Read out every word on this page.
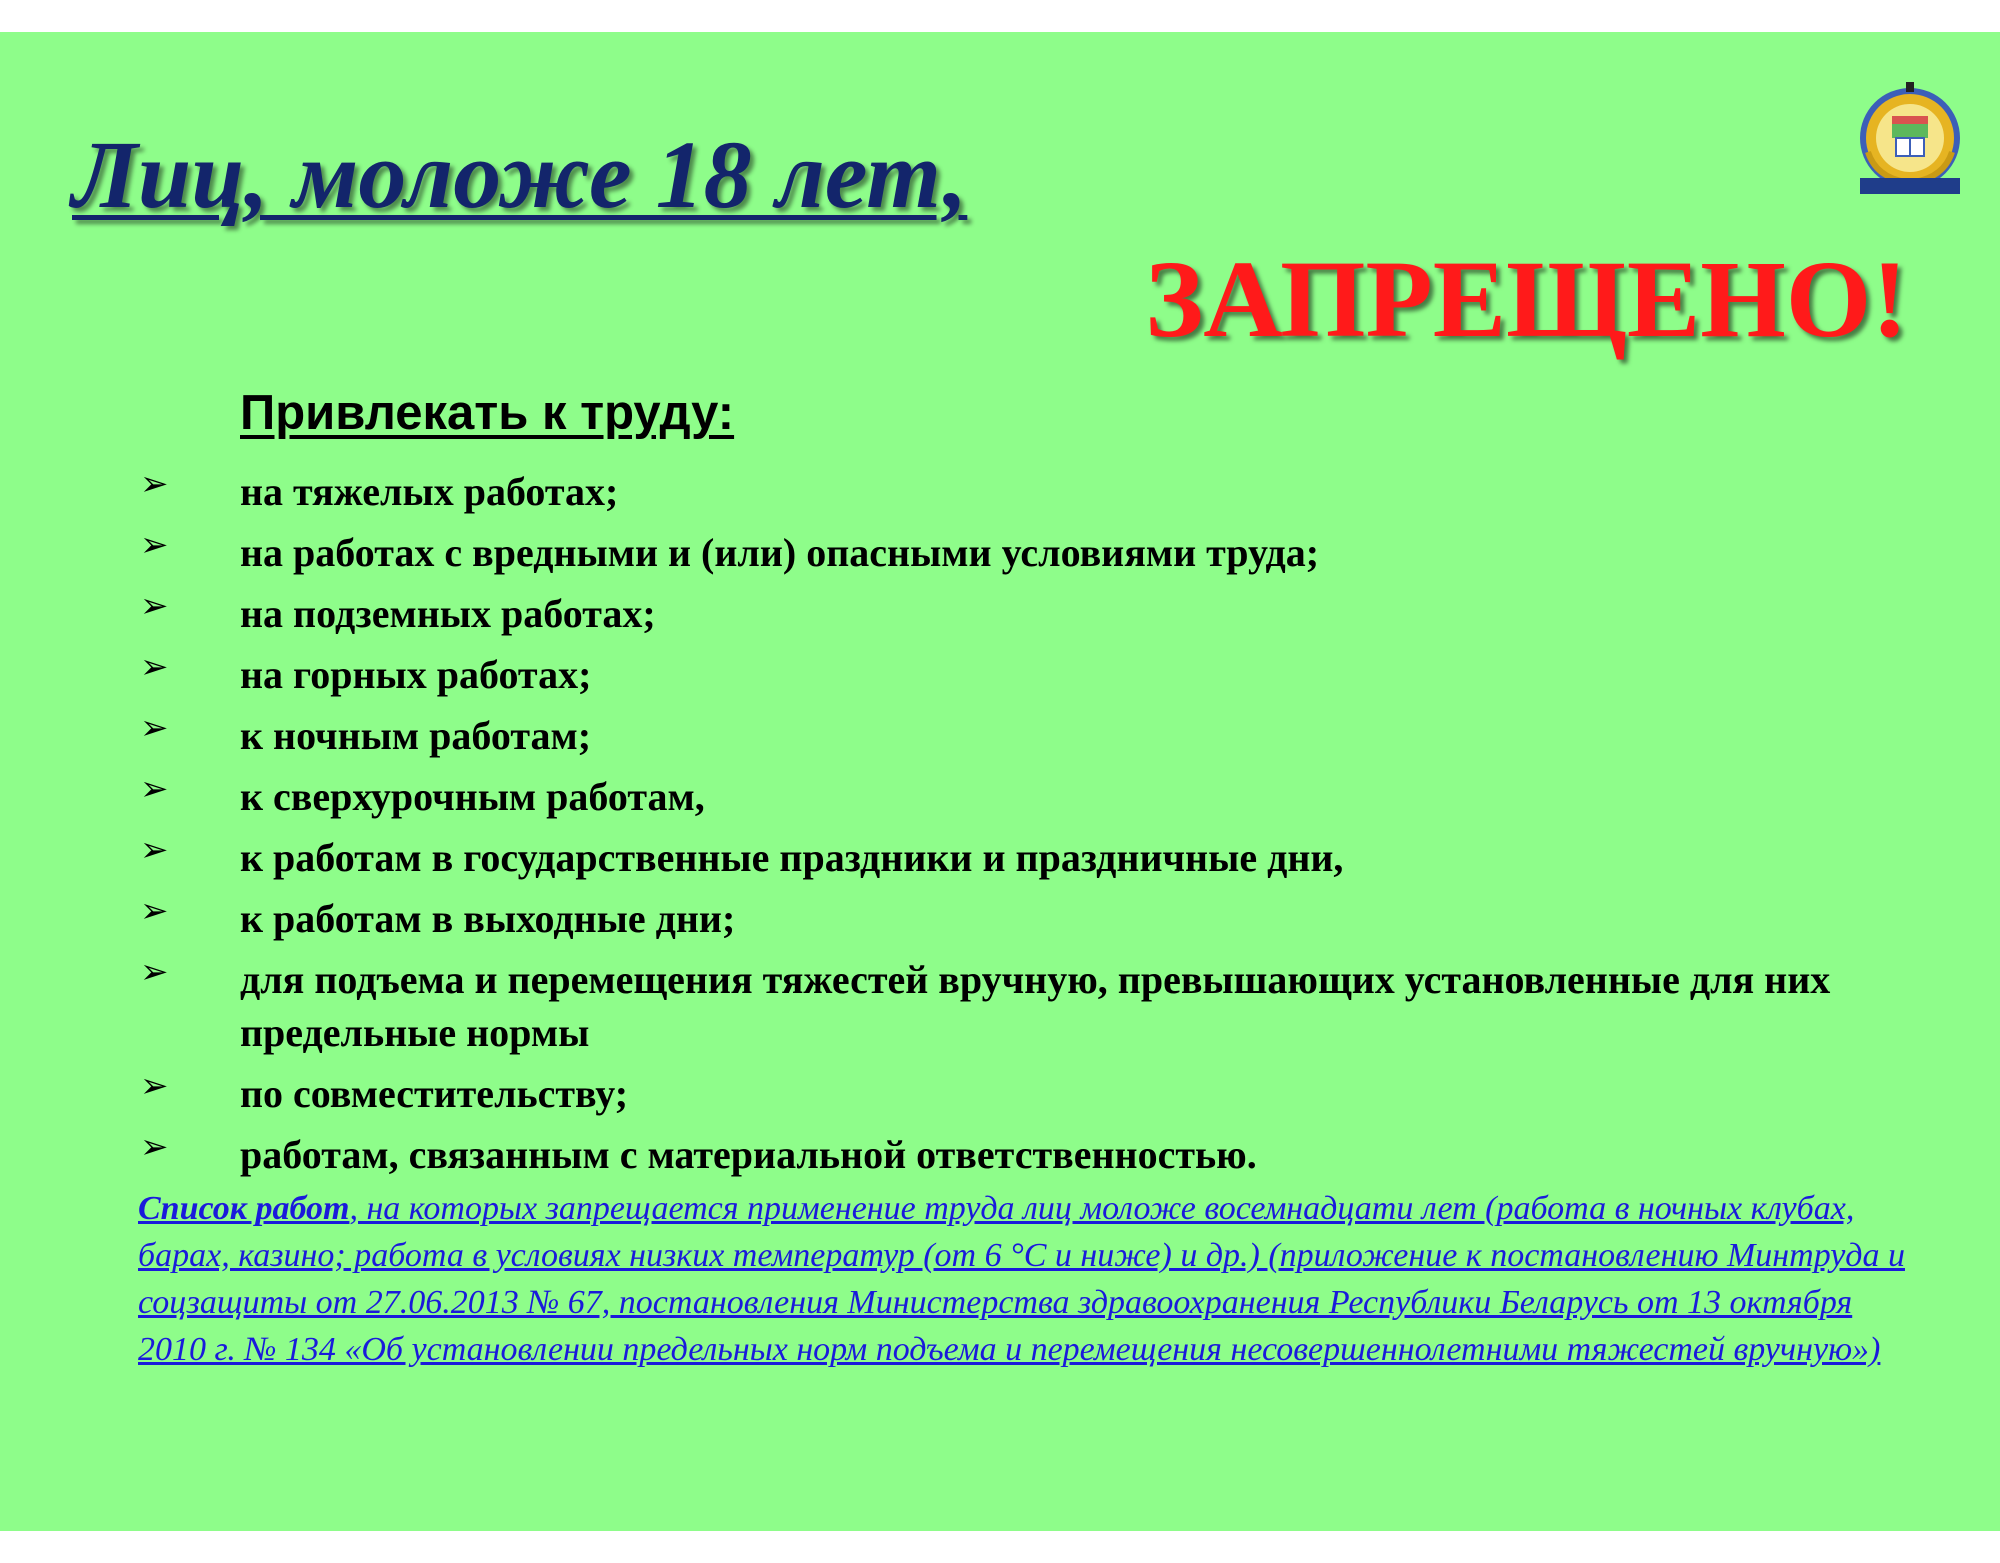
Лиц, моложе 18 лет,
ЗАПРЕЩЕНО!
Привлекать к труду:
➢ на тяжелых работах;
➢ на работах с вредными и (или) опасными условиями труда;
➢ на подземных работах;
➢ на горных работах;
➢ к ночным работам;
➢ к сверхурочным работам,
➢ к работам в государственные праздники и праздничные дни,
➢ к работам в выходные дни;
➢ для подъема и перемещения тяжестей вручную, превышающих установленные для них предельные нормы
➢ по совместительству;
➢ работам, связанным с материальной ответственностью.
Список работ, на которых запрещается применение труда лиц моложе восемнадцати лет (работа в ночных клубах, барах, казино; работа в условиях низких температур (от 6 °С и ниже) и др.) (приложение к постановлению Минтруда и соцзащиты от 27.06.2013 № 67, постановления Министерства здравоохранения Республики Беларусь от 13 октября 2010 г. № 134 «Об установлении предельных норм подъема и перемещения несовершеннолетними тяжестей вручную»)
